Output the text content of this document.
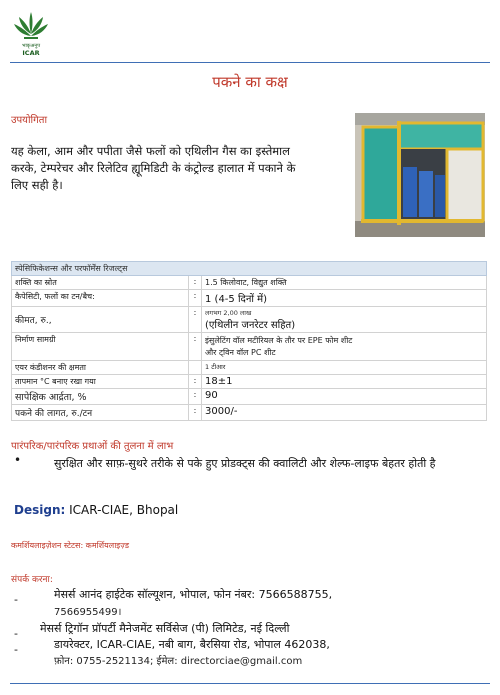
भाकृअनुप
ICAR
पकने का कक्ष
उपयोगिता
यह केला, आम और पपीता जैसे फलों को एथिलीन गैस का इस्तेमाल करके, टेम्परेचर और रिलेटिव ह्यूमिडिटी के कंट्रोल्ड हालात में पकाने के लिए सही है।
स्पेसिफिकेशन्स और परफॉर्मेंस रिजल्ट्स		
शक्ति का स्रोत	:	1.5 किलोवाट, विद्युत शक्ति
कैपेसिटी, फलों का टन/बैच:	:	1 (4-5 दिनों में)
कीमत, रु.,	:	लगभग 2,00 लाख
(एथिलीन जनरेटर सहित)
निर्माण सामग्री	:	इंसुलेटिंग वॉल मटीरियल के तौर पर EPE फोम शीट
और ट्विन वॉल PC शीट

एयर कंडीशनर की क्षमता		1 टीआर
तापमान °C बनाए रखा गया	:	18±1
सापेक्षिक आर्द्रता, %	:	90
पकने की लागत, रु./टन	:	3000/-
पारंपरिक/पारंपरिक प्रथाओं की तुलना में लाभ
•	सुरक्षित और साफ़-सुथरे तरीके से पके हुए प्रोडक्ट्स की क्वालिटी और शेल्फ-लाइफ बेहतर होती है
Design: ICAR-CIAE, Bhopal
कमर्शियलाइज़ेशन स्टेटस: कमर्शियलाइज़्ड
संपर्क करना:
-	मेसर्स आनंद हाईटेक सॉल्यूशन, भोपाल, फोन नंबर: 7566588755,
7566955499।
- मेसर्स ट्रिगॉन प्रॉपर्टी मैनेजमेंट सर्विसेज (पी) लिमिटेड, नई दिल्ली
-	डायरेक्टर, ICAR-CIAE, नबी बाग, बैरसिया रोड, भोपाल 462038,
फ़ोन: 0755-2521134; ईमेल: directorciae@gmail.com
